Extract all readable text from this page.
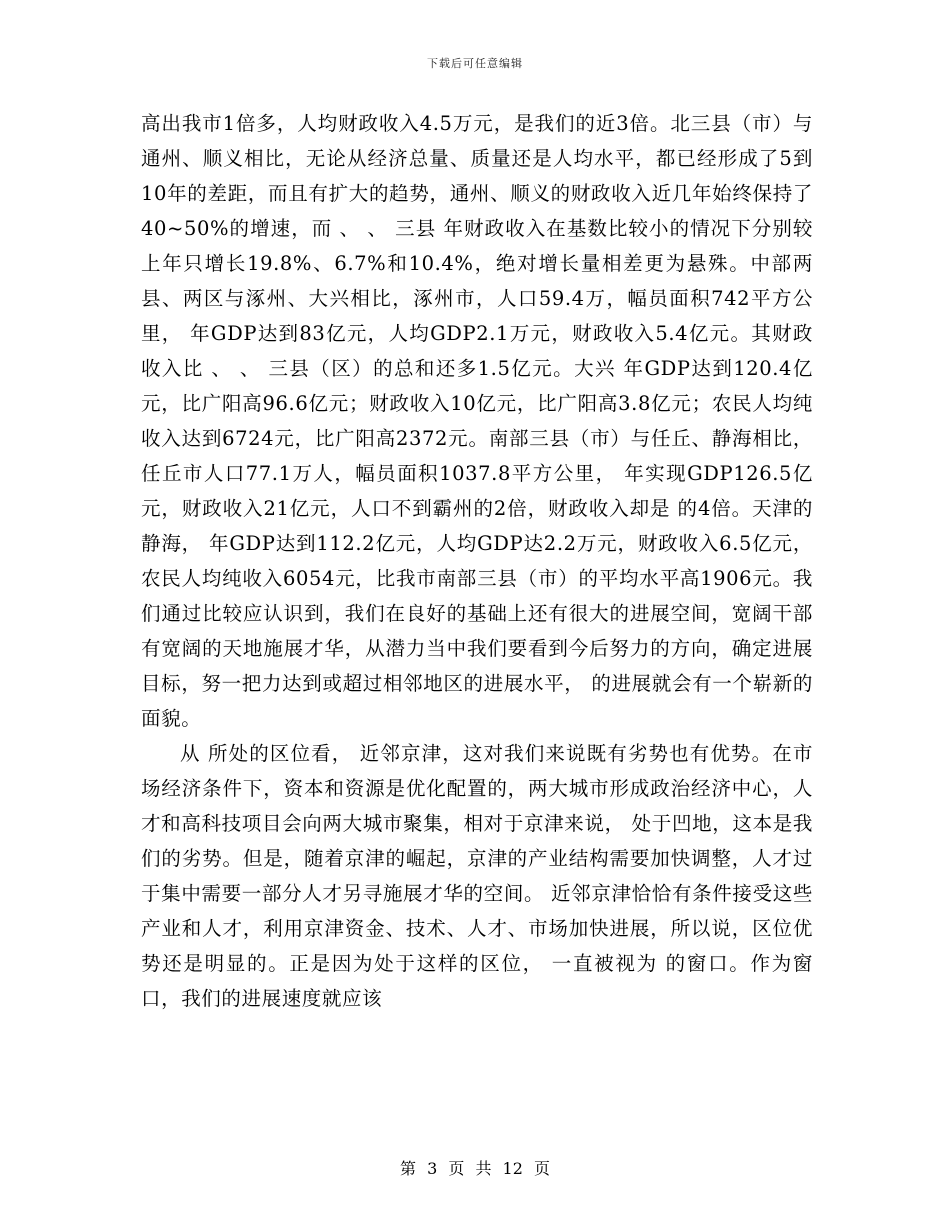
下载后可任意编辑

高出我市1倍多，人均财政收入4.5万元，是我们的近3倍。北三县（市）与通州、顺义相比，无论从经济总量、质量还是人均水平，都已经形成了5到10年的差距，而且有扩大的趋势，通州、顺义的财政收入近几年始终保持了40~50%的增速，而 、 、 三县 年财政收入在基数比较小的情况下分别较上年只增长19.8%、6.7%和10.4%，绝对增长量相差更为悬殊。中部两县、两区与涿州、大兴相比，涿州市，人口59.4万，幅员面积742平方公里， 年GDP达到83亿元，人均GDP2.1万元，财政收入5.4亿元。其财政收入比 、 、 三县（区）的总和还多1.5亿元。大兴 年GDP达到120.4亿元，比广阳高96.6亿元；财政收入10亿元，比广阳高3.8亿元；农民人均纯收入达到6724元，比广阳高2372元。南部三县（市）与任丘、静海相比，任丘市人口77.1万人，幅员面积1037.8平方公里， 年实现GDP126.5亿元，财政收入21亿元，人口不到霸州的2倍，财政收入却是 的4倍。天津的静海， 年GDP达到112.2亿元，人均GDP达2.2万元，财政收入6.5亿元，农民人均纯收入6054元，比我市南部三县（市）的平均水平高1906元。我们通过比较应认识到，我们在良好的基础上还有很大的进展空间，宽阔干部有宽阔的天地施展才华，从潜力当中我们要看到今后努力的方向，确定进展目标，努一把力达到或超过相邻地区的进展水平， 的进展就会有一个崭新的面貌。

从 所处的区位看， 近邻京津，这对我们来说既有劣势也有优势。在市场经济条件下，资本和资源是优化配置的，两大城市形成政治经济中心，人才和高科技项目会向两大城市聚集，相对于京津来说， 处于凹地，这本是我们的劣势。但是，随着京津的崛起，京津的产业结构需要加快调整，人才过于集中需要一部分人才另寻施展才华的空间。 近邻京津恰恰有条件接受这些产业和人才，利用京津资金、技术、人才、市场加快进展，所以说，区位优势还是明显的。正是因为处于这样的区位， 一直被视为 的窗口。作为窗口，我们的进展速度就应该

第 3 页 共 12 页
